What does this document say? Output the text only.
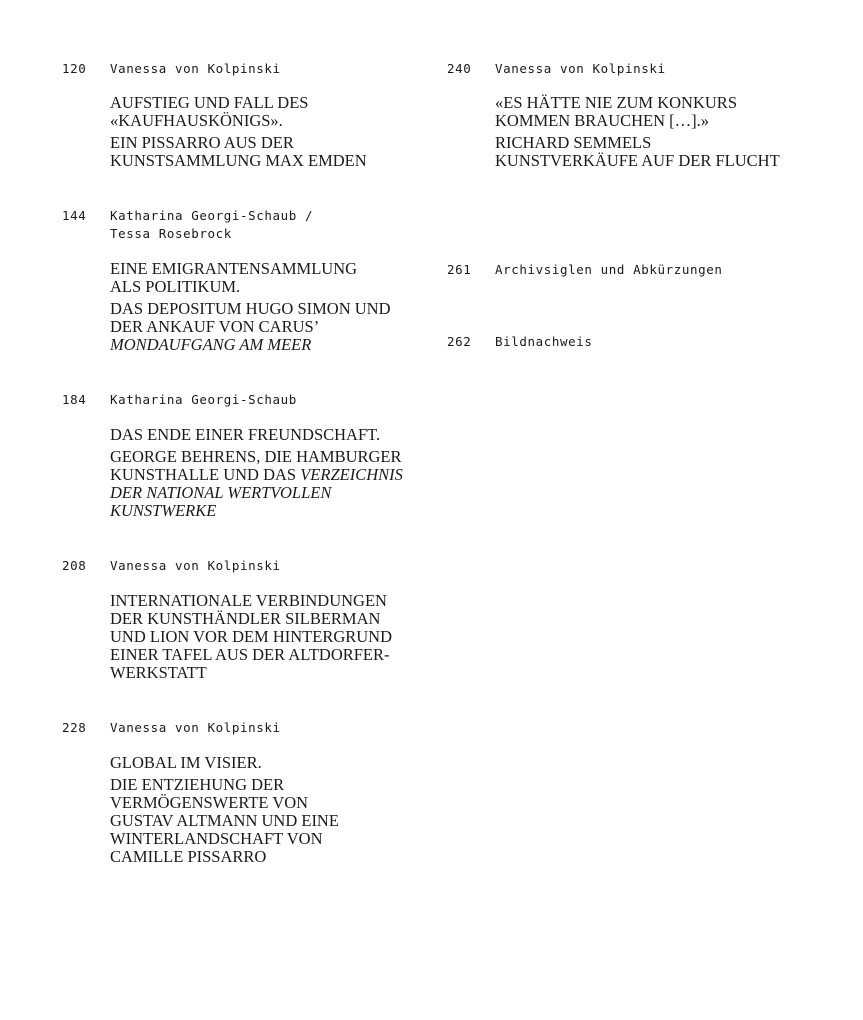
120 Vanessa von Kolpinski
AUFSTIEG UND FALL DES
«KAUFHAUSKÖNIGS».
EIN PISSARRO AUS DER
KUNSTSAMMLUNG MAX EMDEN
144 Katharina Georgi-Schaub /
Tessa Rosebrock
EINE EMIGRANTENSAMMLUNG
ALS POLITIKUM.
DAS DEPOSITUM HUGO SIMON UND
DER ANKAUF VON CARUS’
MONDAUFGANG AM MEER
184 Katharina Georgi-Schaub
DAS ENDE EINER FREUNDSCHAFT.
GEORGE BEHRENS, DIE HAMBURGER
KUNSTHALLE UND DAS VERZEICHNIS
DER NATIONAL WERTVOLLEN
KUNSTWERKE
208 Vanessa von Kolpinski
INTERNATIONALE VERBINDUNGEN
DER KUNSTHÄNDLER SILBERMAN
UND LION VOR DEM HINTERGRUND
EINER TAFEL AUS DER ALTDORFER-
WERKSTATT
228 Vanessa von Kolpinski
GLOBAL IM VISIER.
DIE ENTZIEHUNG DER
VERMÖGENSWERTE VON
GUSTAV ALTMANN UND EINE
WINTERLANDSCHAFT VON
CAMILLE PISSARRO
240 Vanessa von Kolpinski
«ES HÄTTE NIE ZUM KONKURS
KOMMEN BRAUCHEN […].»
RICHARD SEMMELS
KUNSTVERKÄUFE AUF DER FLUCHT
261 Archivsiglen und Abkürzungen
262 Bildnachweis
